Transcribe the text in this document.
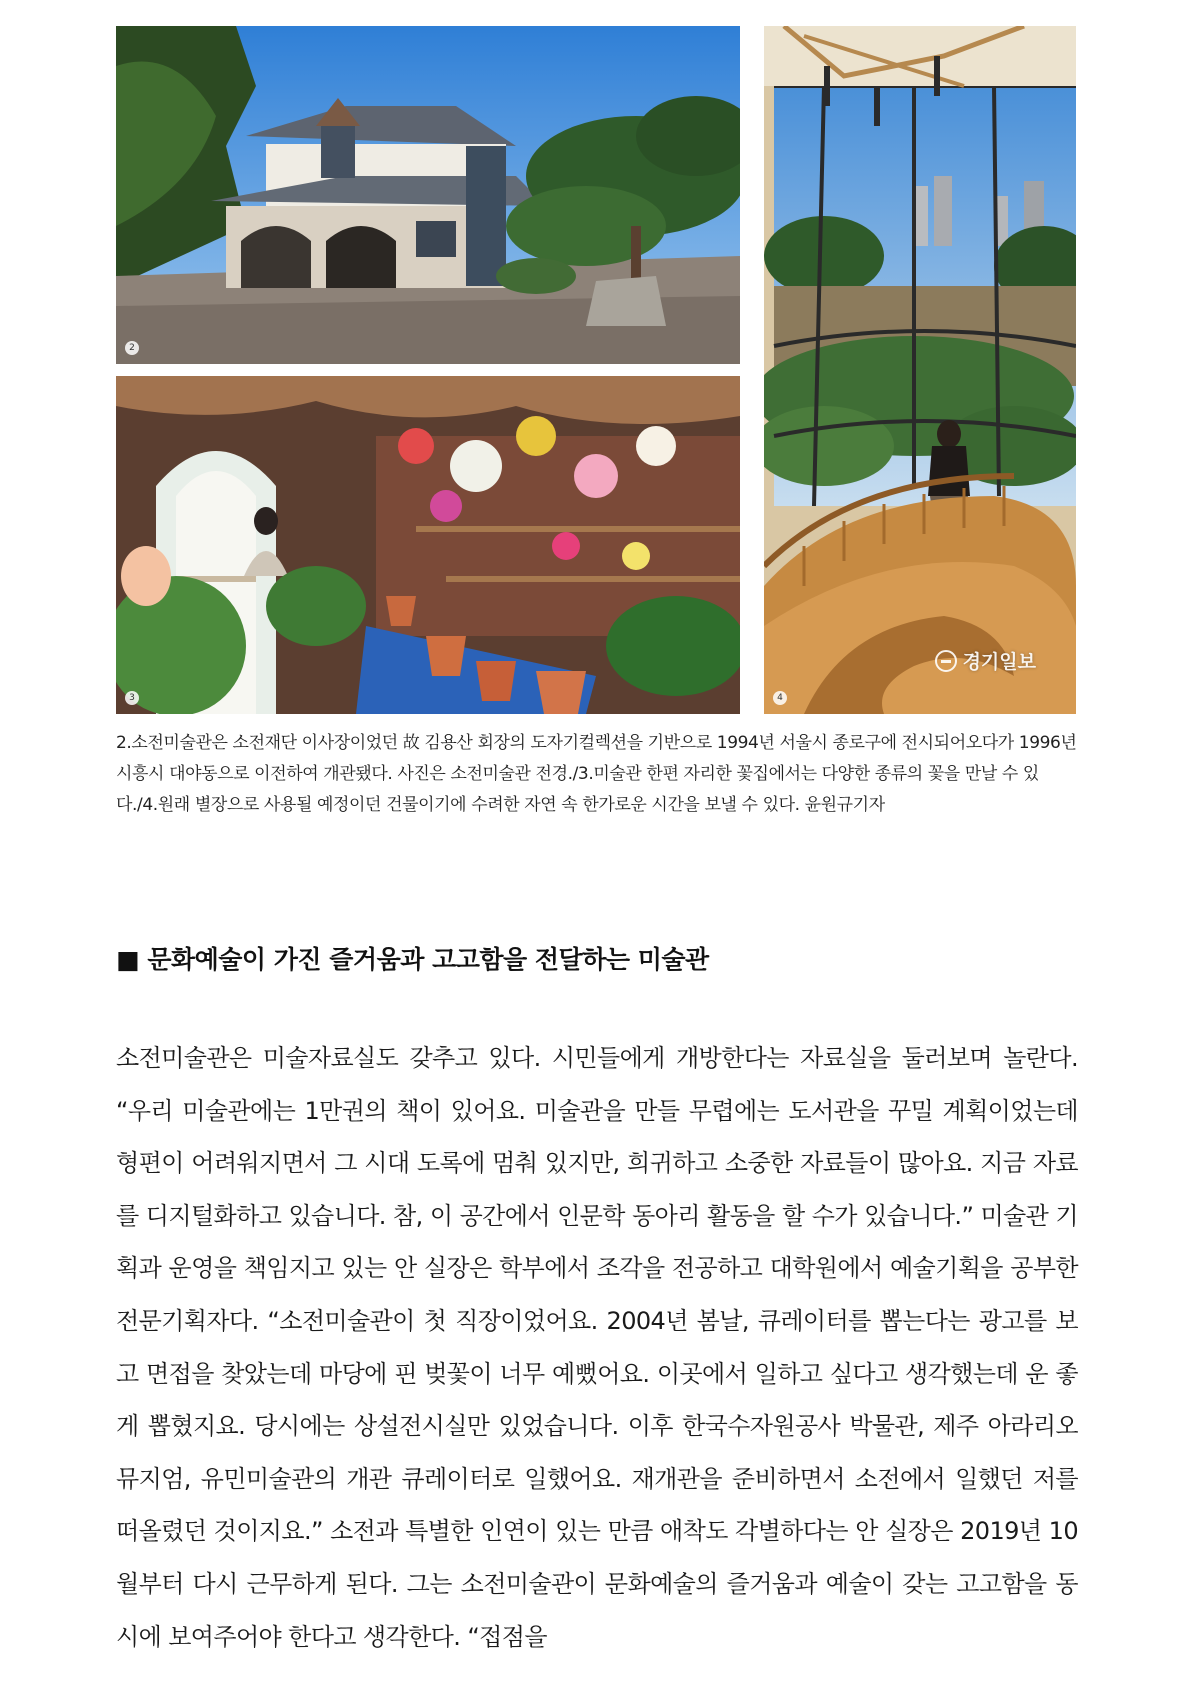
2
3	4
경기일보

2.소전미술관은 소전재단 이사장이었던 故 김용산 회장의 도자기컬렉션을 기반으로 1994년 서울시 종로구에 전시되어오다가 1996년 시흥시 대야동으로 이전하여 개관됐다. 사진은 소전미술관 전경./3.미술관 한편 자리한 꽃집에서는 다양한 종류의 꽃을 만날 수 있다./4.원래 별장으로 사용될 예정이던 건물이기에 수려한 자연 속 한가로운 시간을 보낼 수 있다. 윤원규기자

■ 문화예술이 가진 즐거움과 고고함을 전달하는 미술관

소전미술관은 미술자료실도 갖추고 있다. 시민들에게 개방한다는 자료실을 둘러보며 놀란다. “우리 미술관에는 1만권의 책이 있어요. 미술관을 만들 무렵에는 도서관을 꾸밀 계획이었는데 형편이 어려워지면서 그 시대 도록에 멈춰 있지만, 희귀하고 소중한 자료들이 많아요. 지금 자료를 디지털화하고 있습니다. 참, 이 공간에서 인문학 동아리 활동을 할 수가 있습니다.” 미술관 기획과 운영을 책임지고 있는 안 실장은 학부에서 조각을 전공하고 대학원에서 예술기획을 공부한 전문기획자다. “소전미술관이 첫 직장이었어요. 2004년 봄날, 큐레이터를 뽑는다는 광고를 보고 면접을 찾았는데 마당에 핀 벚꽃이 너무 예뻤어요. 이곳에서 일하고 싶다고 생각했는데 운 좋게 뽑혔지요. 당시에는 상설전시실만 있었습니다. 이후 한국수자원공사 박물관, 제주 아라리오뮤지엄, 유민미술관의 개관 큐레이터로 일했어요. 재개관을 준비하면서 소전에서 일했던 저를 떠올렸던 것이지요.” 소전과 특별한 인연이 있는 만큼 애착도 각별하다는 안 실장은 2019년 10월부터 다시 근무하게 된다. 그는 소전미술관이 문화예술의 즐거움과 예술이 갖는 고고함을 동시에 보여주어야 한다고 생각한다. “접점을
